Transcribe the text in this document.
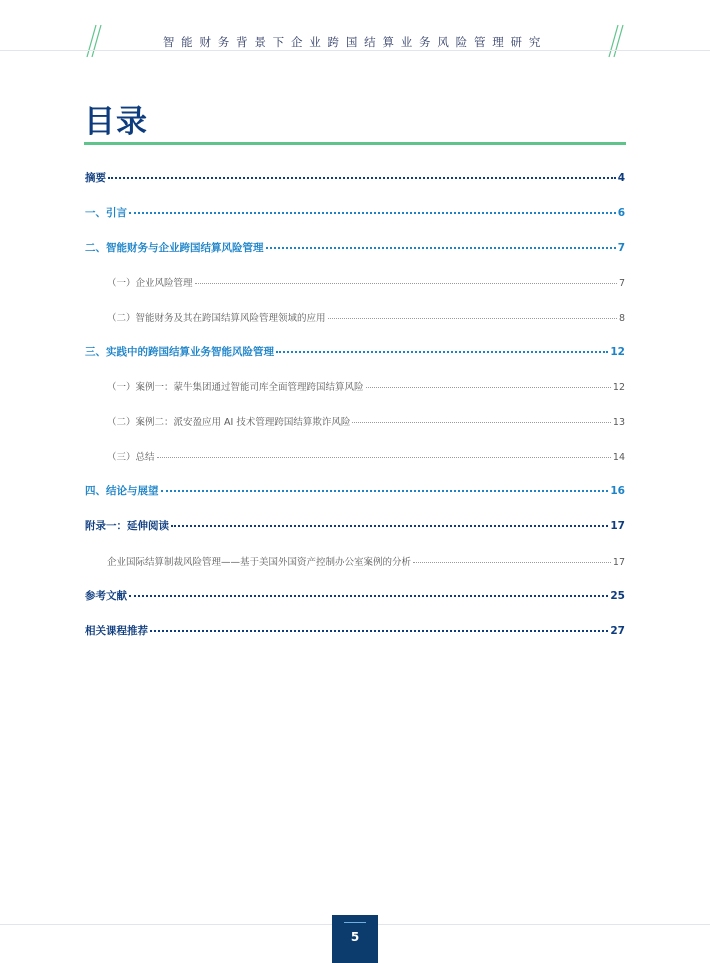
智能财务背景下企业跨国结算业务风险管理研究
目录
摘要	4
一、引言	6
二、智能财务与企业跨国结算风险管理	7
（一）企业风险管理	7
（二）智能财务及其在跨国结算风险管理领域的应用	8
三、实践中的跨国结算业务智能风险管理	12
（一）案例一：蒙牛集团通过智能司库全面管理跨国结算风险	12
（二）案例二：派安盈应用 AI 技术管理跨国结算欺诈风险	13
（三）总结	14
四、结论与展望	16
附录一：延伸阅读	17
企业国际结算制裁风险管理——基于美国外国资产控制办公室案例的分析	17
参考文献	25
相关课程推荐	27
5
